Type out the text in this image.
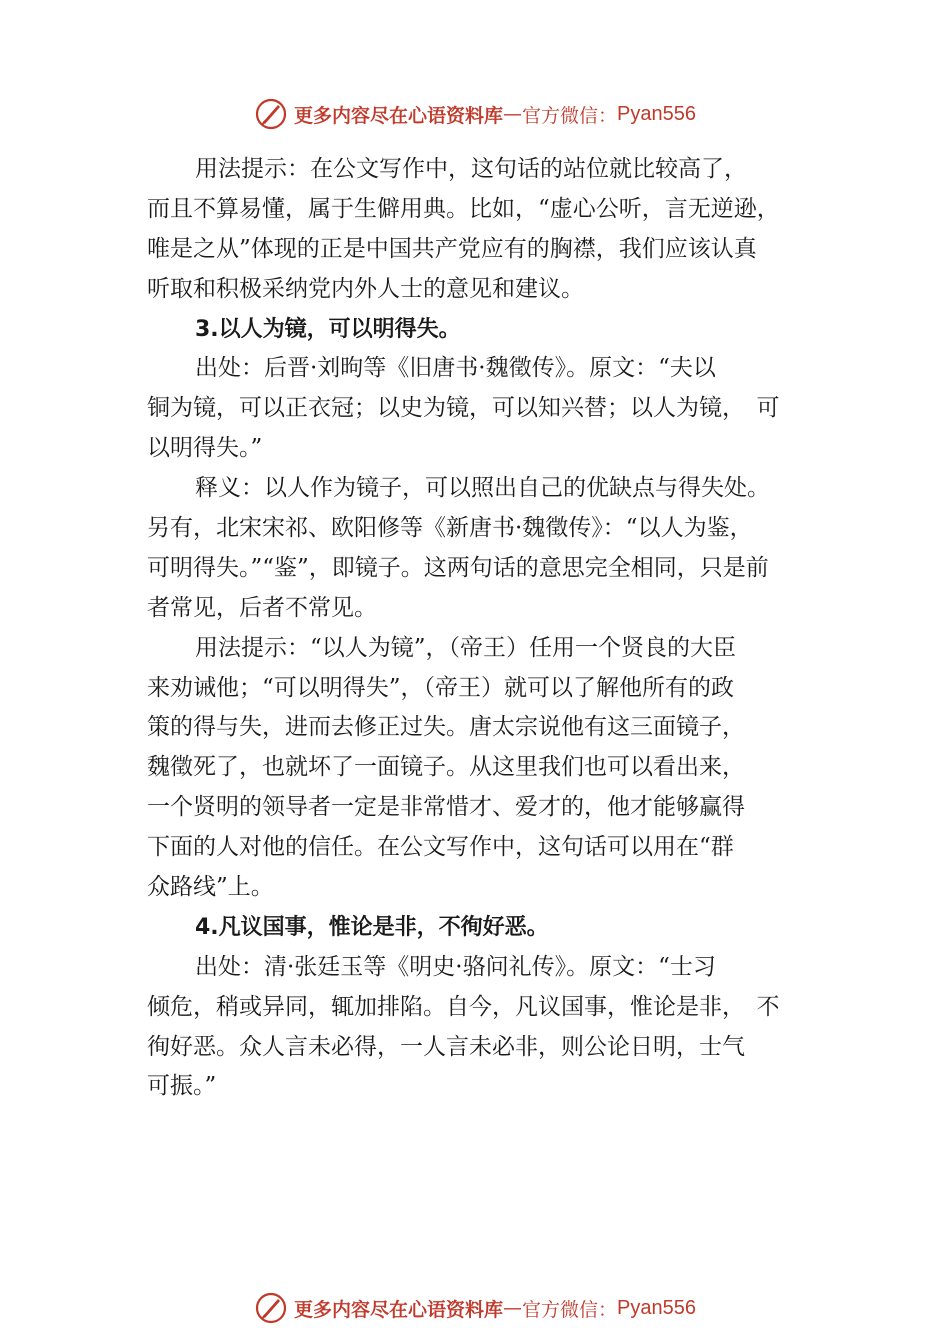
更多内容尽在心语资料库 — 官方微信： Pyan556
用法提示：在公文写作中，这句话的站位就比较高了，
而且不算易懂，属于生僻用典。比如，“虚心公听，言无逆逊，
唯是之从”体现的正是中国共产党应有的胸襟，我们应该认真
听取和积极采纳党内外人士的意见和建议。
3.以人为镜，可以明得失。
出处：后晋·刘昫等《旧唐书·魏徵传》。原文：“夫以
铜为镜，可以正衣冠；以史为镜，可以知兴替；以人为镜，　可
以明得失。”
释义：以人作为镜子，可以照出自己的优缺点与得失处。
另有，北宋宋祁、欧阳修等《新唐书·魏徵传》：“以人为鉴，
可明得失。”“鉴”，即镜子。这两句话的意思完全相同，只是前
者常见，后者不常见。
用法提示：“以人为镜”，（帝王）任用一个贤良的大臣
来劝诫他；“可以明得失”，（帝王）就可以了解他所有的政
策的得与失，进而去修正过失。唐太宗说他有这三面镜子，
魏徵死了，也就坏了一面镜子。从这里我们也可以看出来，
一个贤明的领导者一定是非常惜才、爱才的，他才能够赢得
下面的人对他的信任。在公文写作中，这句话可以用在“群
众路线”上。
4.凡议国事，惟论是非，不徇好恶。
出处：清·张廷玉等《明史·骆问礼传》。原文：“士习
倾危，稍或异同，辄加排陷。自今，凡议国事，惟论是非，　不
徇好恶。众人言未必得，一人言未必非，则公论日明，士气
可振。”
更多内容尽在心语资料库 — 官方微信： Pyan556
